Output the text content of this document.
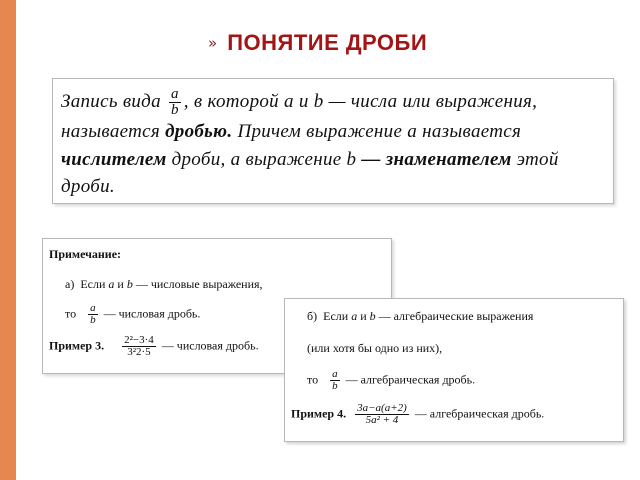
» ПОНЯТИЕ ДРОБИ
Запись вида $\frac{a}{b}$ , в которой a и b — числа или выражения,
называется дробью. Причем выражение a называется
числителем дроби, а выражение b — знаменателем этой
дроби.
Примечание:
а) Если a и b — числовые выражения,
то $\frac{a}{b}$ — числовая дробь.
Пример 3. $\frac{\text{2²−3·4}}{\text{3²2·5}}$ — числовая дробь.
б) Если a и b — алгебраические выражения
(или хотя бы одно из них),
то $\frac{a}{b}$ — алгебраическая дробь.
Пример 4. $\frac{3a-a(a+2)}{\text{5a² + 4}}$ — алгебраическая дробь.
